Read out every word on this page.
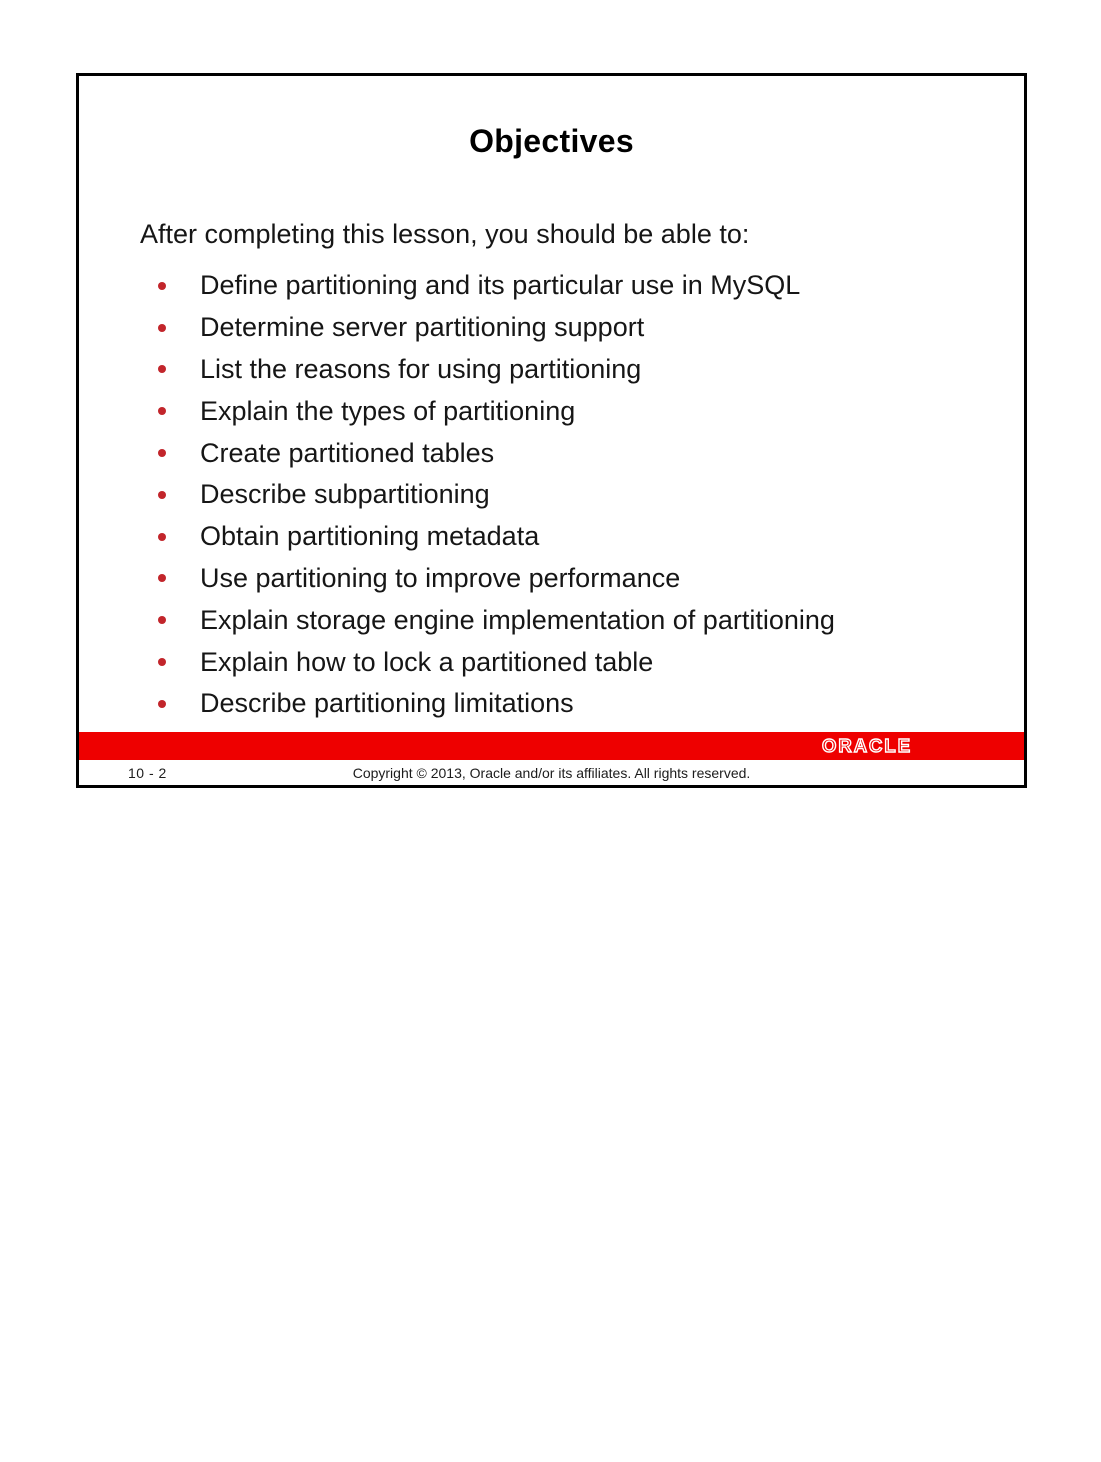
Objectives

After completing this lesson, you should be able to:

Define partitioning and its particular use in MySQL
Determine server partitioning support
List the reasons for using partitioning
Explain the types of partitioning
Create partitioned tables
Describe subpartitioning
Obtain partitioning metadata
Use partitioning to improve performance
Explain storage engine implementation of partitioning
Explain how to lock a partitioned table
Describe partitioning limitations
ORACLE
10 - 2	Copyright © 2013, Oracle and/or its affiliates. All rights reserved.
